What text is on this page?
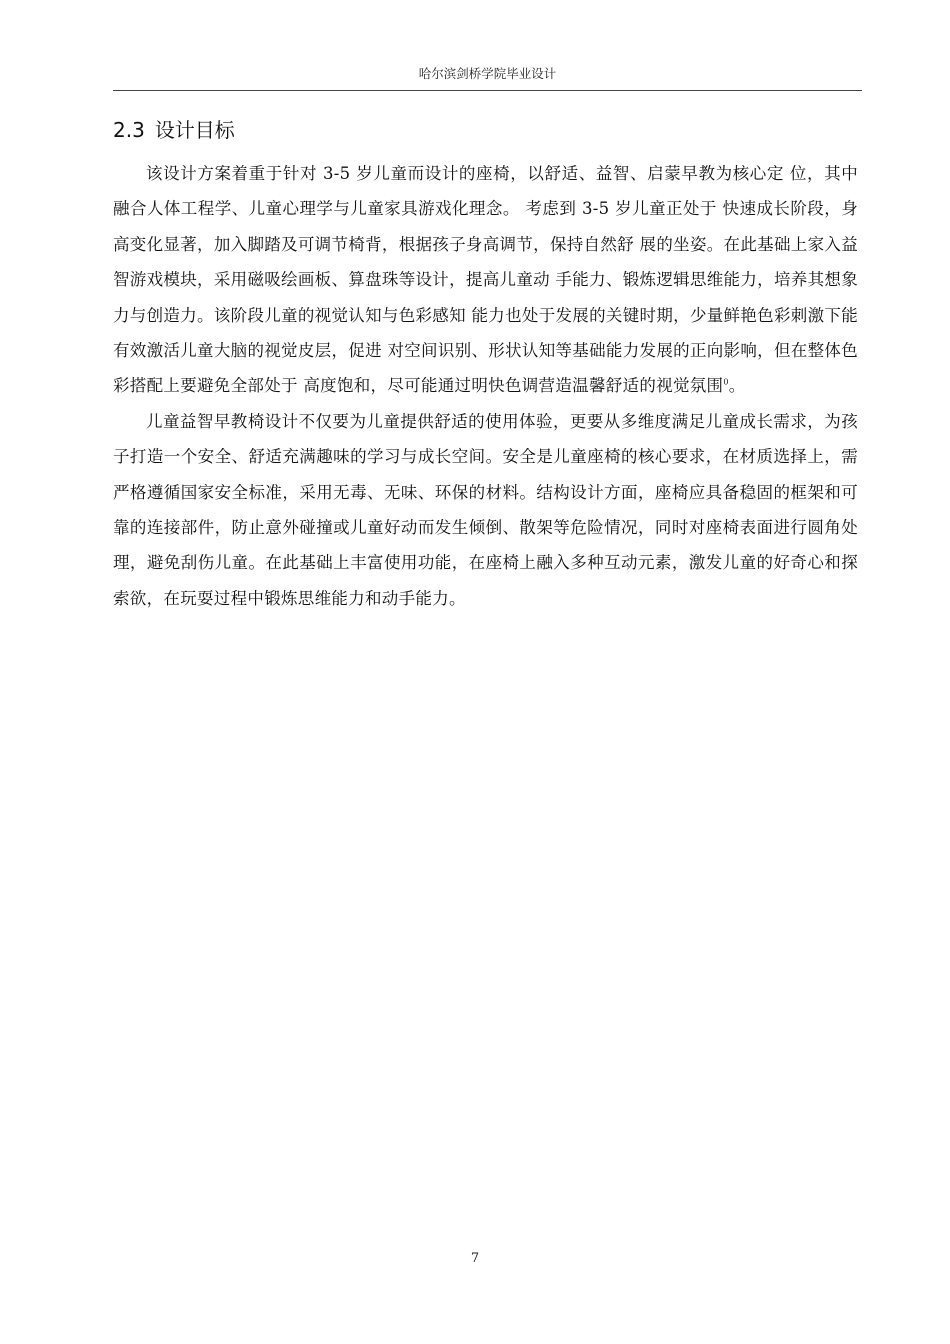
哈尔滨剑桥学院毕业设计
2.3 设计目标

该设计方案着重于针对 3-5 岁儿童而设计的座椅，以舒适、益智、启蒙早教为核心定 位，其中融合人体工程学、儿童心理学与儿童家具游戏化理念。 考虑到 3-5 岁儿童正处于 快速成长阶段，身高变化显著，加入脚踏及可调节椅背，根据孩子身高调节，保持自然舒 展的坐姿。在此基础上家入益智游戏模块，采用磁吸绘画板、算盘珠等设计，提高儿童动 手能力、锻炼逻辑思维能力，培养其想象力与创造力。该阶段儿童的视觉认知与色彩感知 能力也处于发展的关键时期，少量鲜艳色彩刺激下能有效激活儿童大脑的视觉皮层，促进 对空间识别、形状认知等基础能力发展的正向影响，但在整体色彩搭配上要避免全部处于 高度饱和，尽可能通过明快色调营造温馨舒适的视觉氛围$^0$。

儿童益智早教椅设计不仅要为儿童提供舒适的使用体验，更要从多维度满足儿童成长需求，为孩子打造一个安全、舒适充满趣味的学习与成长空间。安全是儿童座椅的核心要求，在材质选择上，需严格遵循国家安全标准，采用无毒、无味、环保的材料。结构设计方面，座椅应具备稳固的框架和可靠的连接部件，防止意外碰撞或儿童好动而发生倾倒、散架等危险情况，同时对座椅表面进行圆角处理，避免刮伤儿童。在此基础上丰富使用功能，在座椅上融入多种互动元素，激发儿童的好奇心和探索欲，在玩耍过程中锻炼思维能力和动手能力。

7
